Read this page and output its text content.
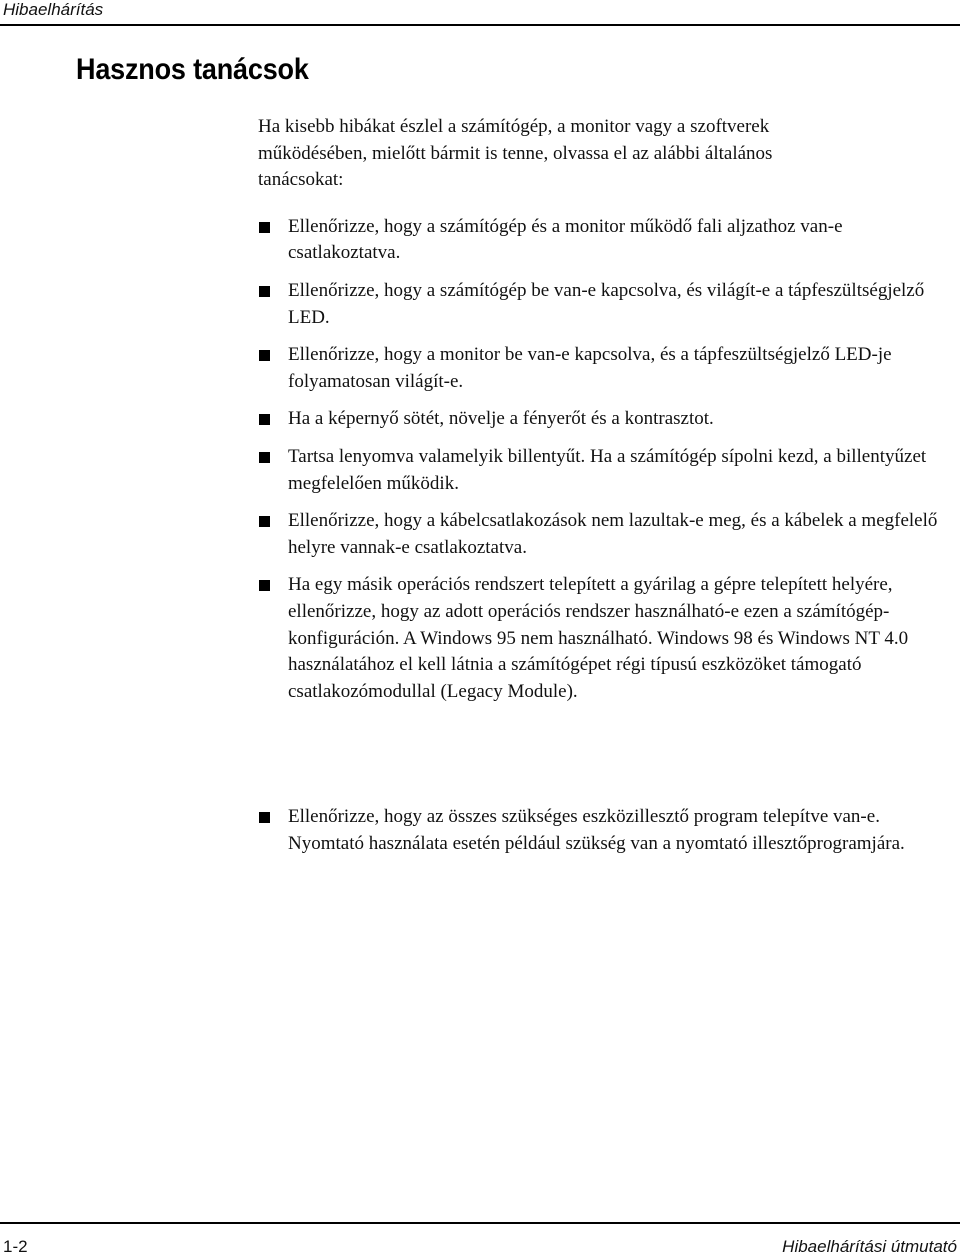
Hibaelhárítás
Hasznos tanácsok

Ha kisebb hibákat észlel a számítógép, a monitor vagy a szoftverek működésében, mielőtt bármit is tenne, olvassa el az alábbi általános tanácsokat:

Ellenőrizze, hogy a számítógép és a monitor működő fali aljzathoz van-e csatlakoztatva.
Ellenőrizze, hogy a számítógép be van-e kapcsolva, és világít-e a tápfeszültségjelző LED.
Ellenőrizze, hogy a monitor be van-e kapcsolva, és a tápfeszültségjelző LED-je folyamatosan világít-e.
Ha a képernyő sötét, növelje a fényerőt és a kontrasztot.
Tartsa lenyomva valamelyik billentyűt. Ha a számítógép sípolni kezd, a billentyűzet megfelelően működik.
Ellenőrizze, hogy a kábelcsatlakozások nem lazultak-e meg, és a kábelek a megfelelő helyre vannak-e csatlakoztatva.
Ha egy másik operációs rendszert telepített a gyárilag a gépre telepített helyére, ellenőrizze, hogy az adott operációs rendszer használható-e ezen a számítógép-konfiguráción. A Windows 95 nem használható. Windows 98 és Windows NT 4.0 használatához el kell látnia a számítógépet régi típusú eszközöket támogató csatlakozómodullal (Legacy Module).
Ellenőrizze, hogy az összes szükséges eszközillesztő program telepítve van-e. Nyomtató használata esetén például szükség van a nyomtató illesztőprogramjára.
1-2	Hibaelhárítási útmutató
